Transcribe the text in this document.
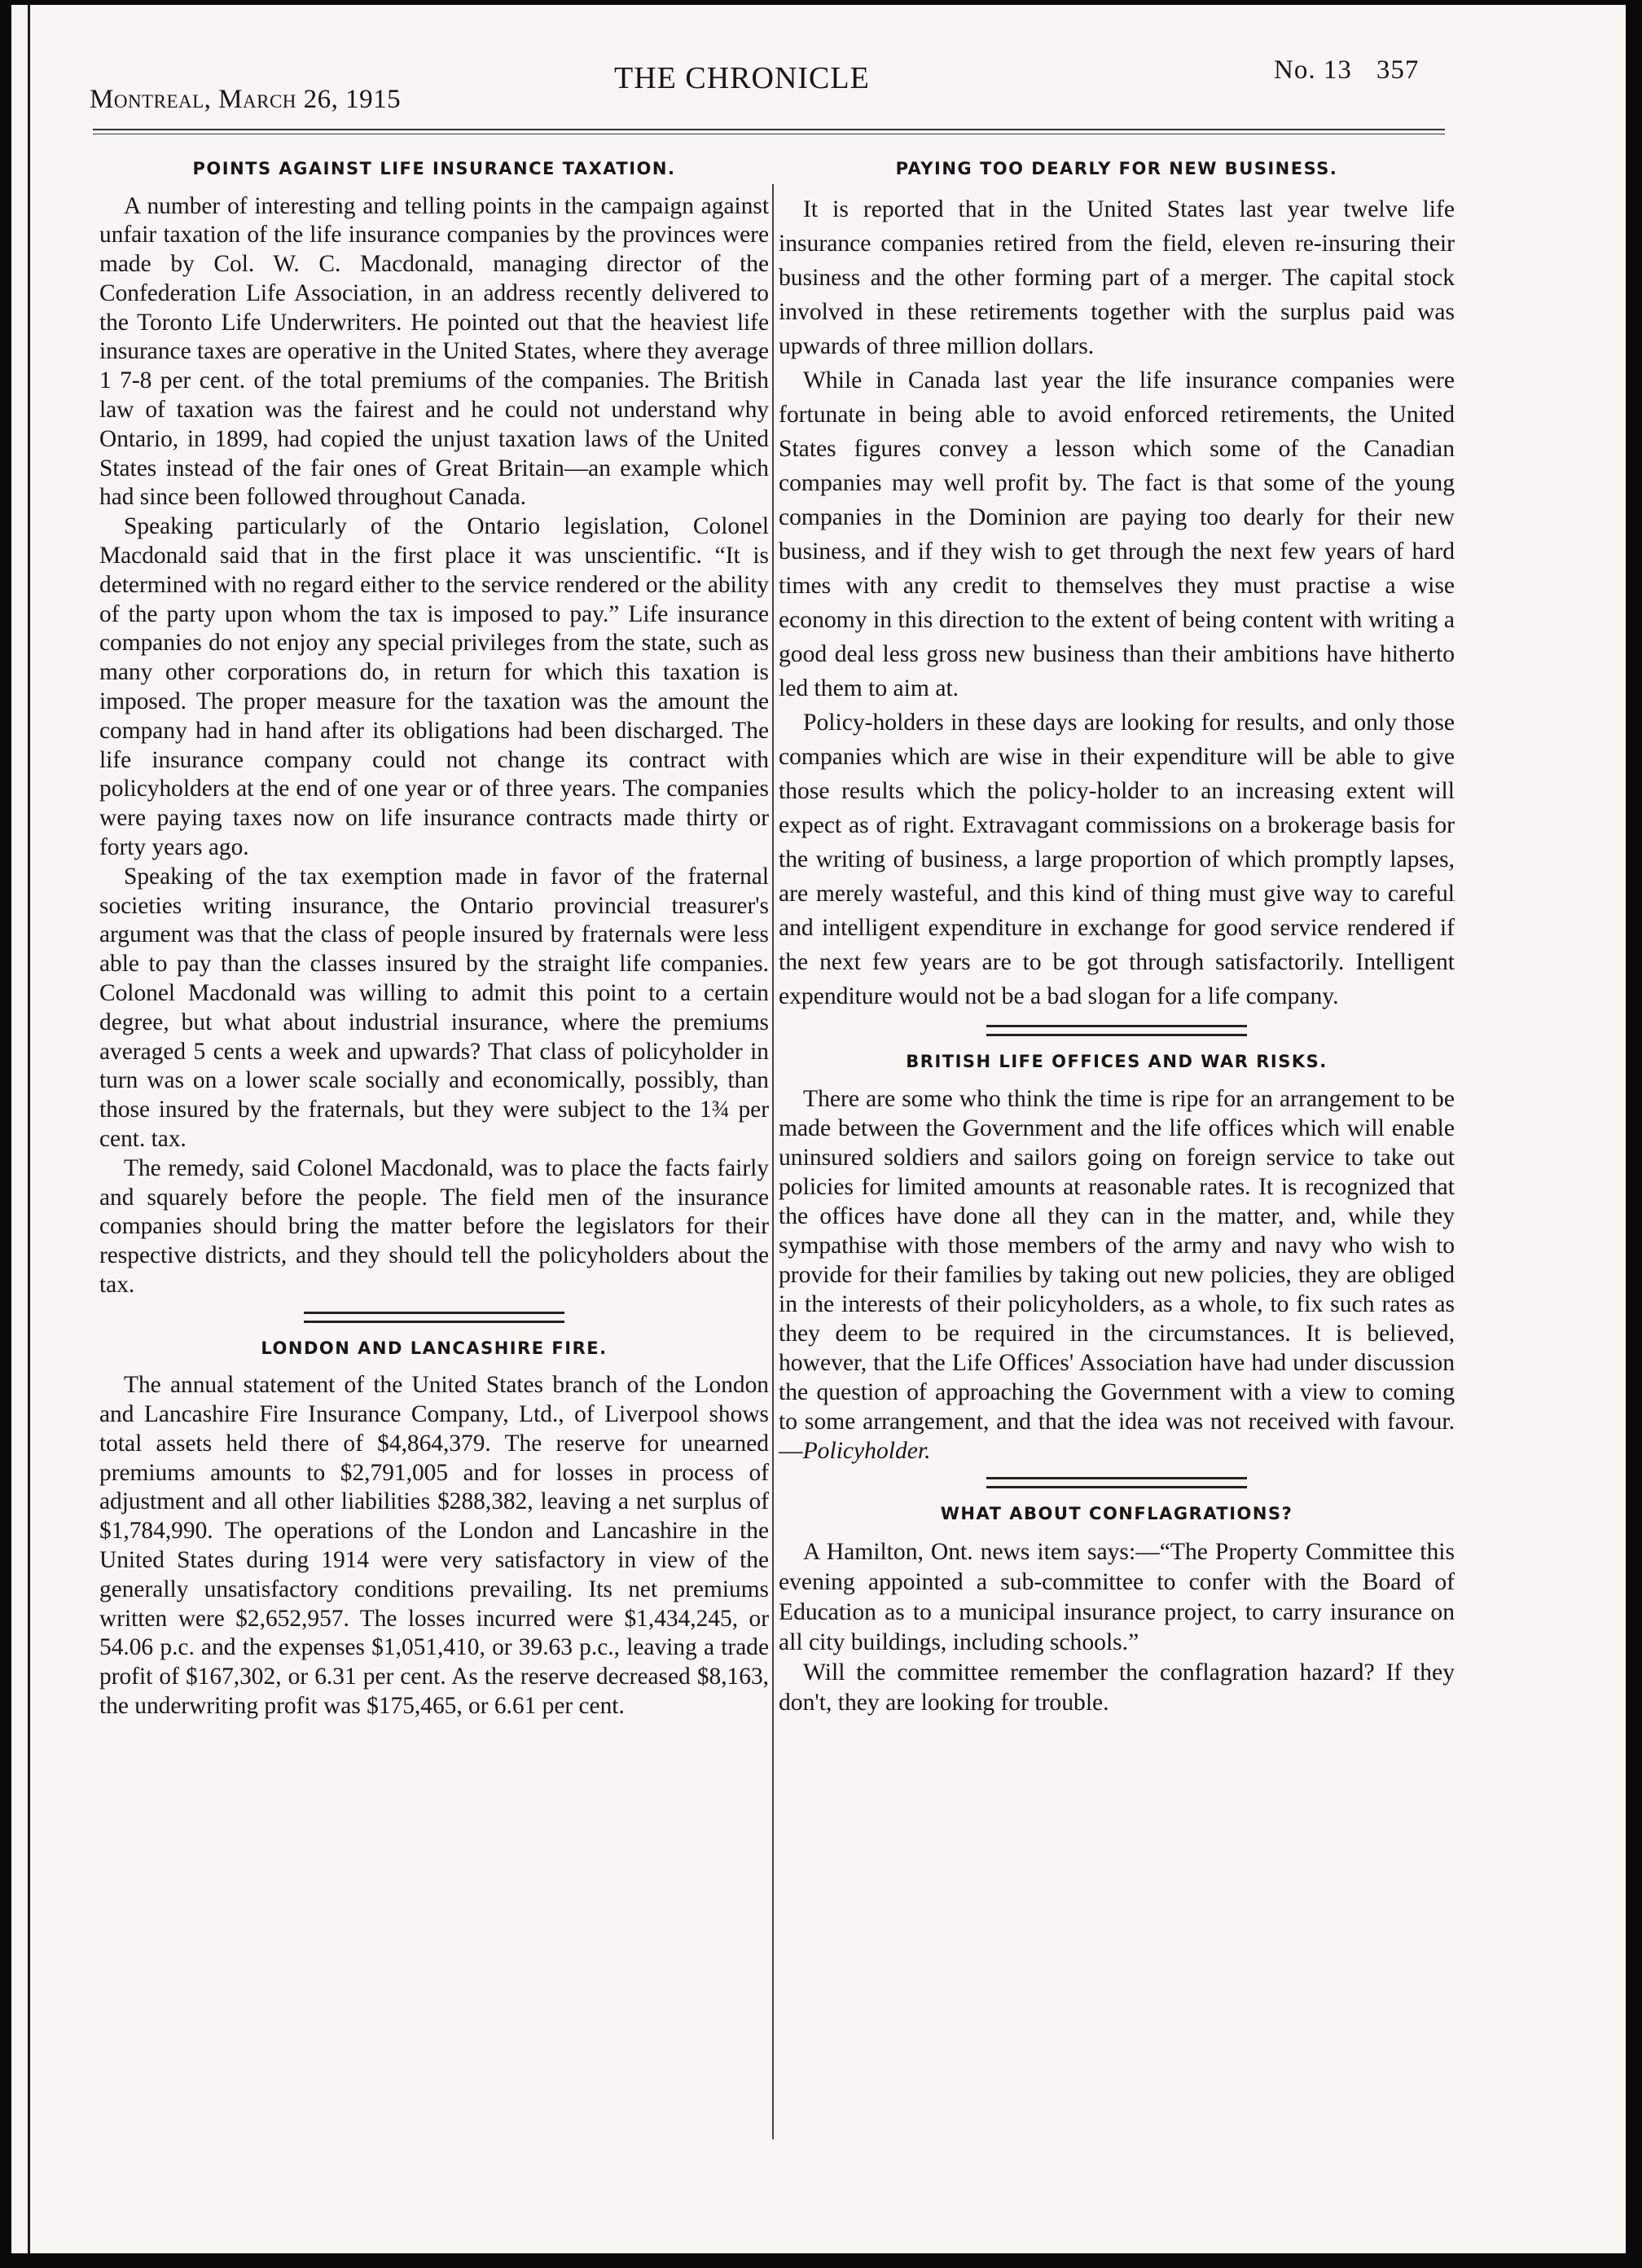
Montreal, March 26, 1915
THE CHRONICLE	No. 13 357
POINTS AGAINST LIFE INSURANCE TAXATION.

A number of interesting and telling points in the campaign against unfair taxation of the life insurance companies by the provinces were made by Col. W. C. Macdonald, managing director of the Confederation Life Association, in an address recently delivered to the Toronto Life Underwriters. He pointed out that the heaviest life insurance taxes are operative in the United States, where they average 1 7-8 per cent. of the total premiums of the companies. The British law of taxation was the fairest and he could not understand why Ontario, in 1899, had copied the unjust taxation laws of the United States instead of the fair ones of Great Britain—an example which had since been followed throughout Canada.

Speaking particularly of the Ontario legislation, Colonel Macdonald said that in the first place it was unscientific. “It is determined with no regard either to the service rendered or the ability of the party upon whom the tax is imposed to pay.” Life insurance companies do not enjoy any special privileges from the state, such as many other corporations do, in return for which this taxation is imposed. The proper measure for the taxation was the amount the company had in hand after its obligations had been discharged. The life insurance company could not change its contract with policyholders at the end of one year or of three years. The companies were paying taxes now on life insurance contracts made thirty or forty years ago.

Speaking of the tax exemption made in favor of the fraternal societies writing insurance, the Ontario provincial treasurer's argument was that the class of people insured by fraternals were less able to pay than the classes insured by the straight life companies. Colonel Macdonald was willing to admit this point to a certain degree, but what about industrial insurance, where the premiums averaged 5 cents a week and upwards? That class of policyholder in turn was on a lower scale socially and economically, possibly, than those insured by the fraternals, but they were subject to the 1¾ per cent. tax.

The remedy, said Colonel Macdonald, was to place the facts fairly and squarely before the people. The field men of the insurance companies should bring the matter before the legislators for their respective districts, and they should tell the policyholders about the tax.

LONDON AND LANCASHIRE FIRE.

The annual statement of the United States branch of the London and Lancashire Fire Insurance Company, Ltd., of Liverpool shows total assets held there of $4,864,379. The reserve for unearned premiums amounts to $2,791,005 and for losses in process of adjustment and all other liabilities $288,382, leaving a net surplus of $1,784,990. The operations of the London and Lancashire in the United States during 1914 were very satisfactory in view of the generally unsatisfactory conditions prevailing. Its net premiums written were $2,652,957. The losses incurred were $1,434,245, or 54.06 p.c. and the expenses $1,051,410, or 39.63 p.c., leaving a trade profit of $167,302, or 6.31 per cent. As the reserve decreased $8,163, the underwriting profit was $175,465, or 6.61 per cent.

PAYING TOO DEARLY FOR NEW BUSINESS.

It is reported that in the United States last year twelve life insurance companies retired from the field, eleven re-insuring their business and the other forming part of a merger. The capital stock involved in these retirements together with the surplus paid was upwards of three million dollars.

While in Canada last year the life insurance companies were fortunate in being able to avoid enforced retirements, the United States figures convey a lesson which some of the Canadian companies may well profit by. The fact is that some of the young companies in the Dominion are paying too dearly for their new business, and if they wish to get through the next few years of hard times with any credit to themselves they must practise a wise economy in this direction to the extent of being content with writing a good deal less gross new business than their ambitions have hitherto led them to aim at.

Policy-holders in these days are looking for results, and only those companies which are wise in their expenditure will be able to give those results which the policy-holder to an increasing extent will expect as of right. Extravagant commissions on a brokerage basis for the writing of business, a large proportion of which promptly lapses, are merely wasteful, and this kind of thing must give way to careful and intelligent expenditure in exchange for good service rendered if the next few years are to be got through satisfactorily. Intelligent expenditure would not be a bad slogan for a life company.

BRITISH LIFE OFFICES AND WAR RISKS.

There are some who think the time is ripe for an arrangement to be made between the Government and the life offices which will enable uninsured soldiers and sailors going on foreign service to take out policies for limited amounts at reasonable rates. It is recognized that the offices have done all they can in the matter, and, while they sympathise with those members of the army and navy who wish to provide for their families by taking out new policies, they are obliged in the interests of their policyholders, as a whole, to fix such rates as they deem to be required in the circumstances. It is believed, however, that the Life Offices' Association have had under discussion the question of approaching the Government with a view to coming to some arrangement, and that the idea was not received with favour.—Policyholder.

WHAT ABOUT CONFLAGRATIONS?

A Hamilton, Ont. news item says:—“The Property Committee this evening appointed a sub-committee to confer with the Board of Education as to a municipal insurance project, to carry insurance on all city buildings, including schools.”

Will the committee remember the conflagration hazard? If they don't, they are looking for trouble.
